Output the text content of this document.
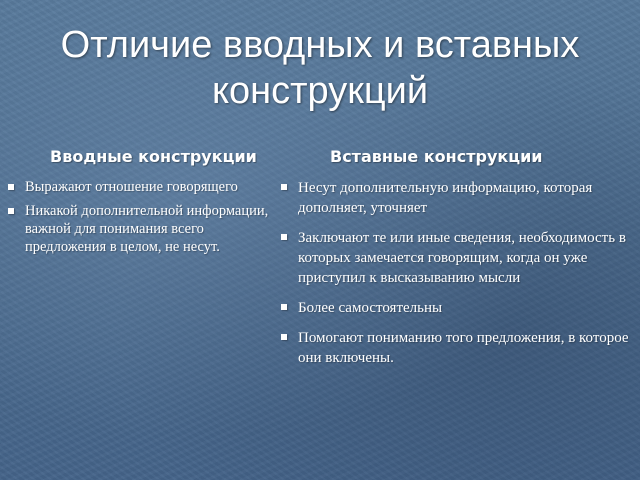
Отличие вводных и вставных
конструкций
Вводные конструкции	Вставные конструкции
Выражают отношение говорящего
Никакой дополнительной информации, важной для понимания всего предложения в целом, не несут.
Несут дополнительную информацию, которая дополняет, уточняет
Заключают те или иные сведения, необходимость в которых замечается говорящим, когда он уже приступил к высказыванию мысли
Более самостоятельны
Помогают пониманию того предложения, в которое они включены.
